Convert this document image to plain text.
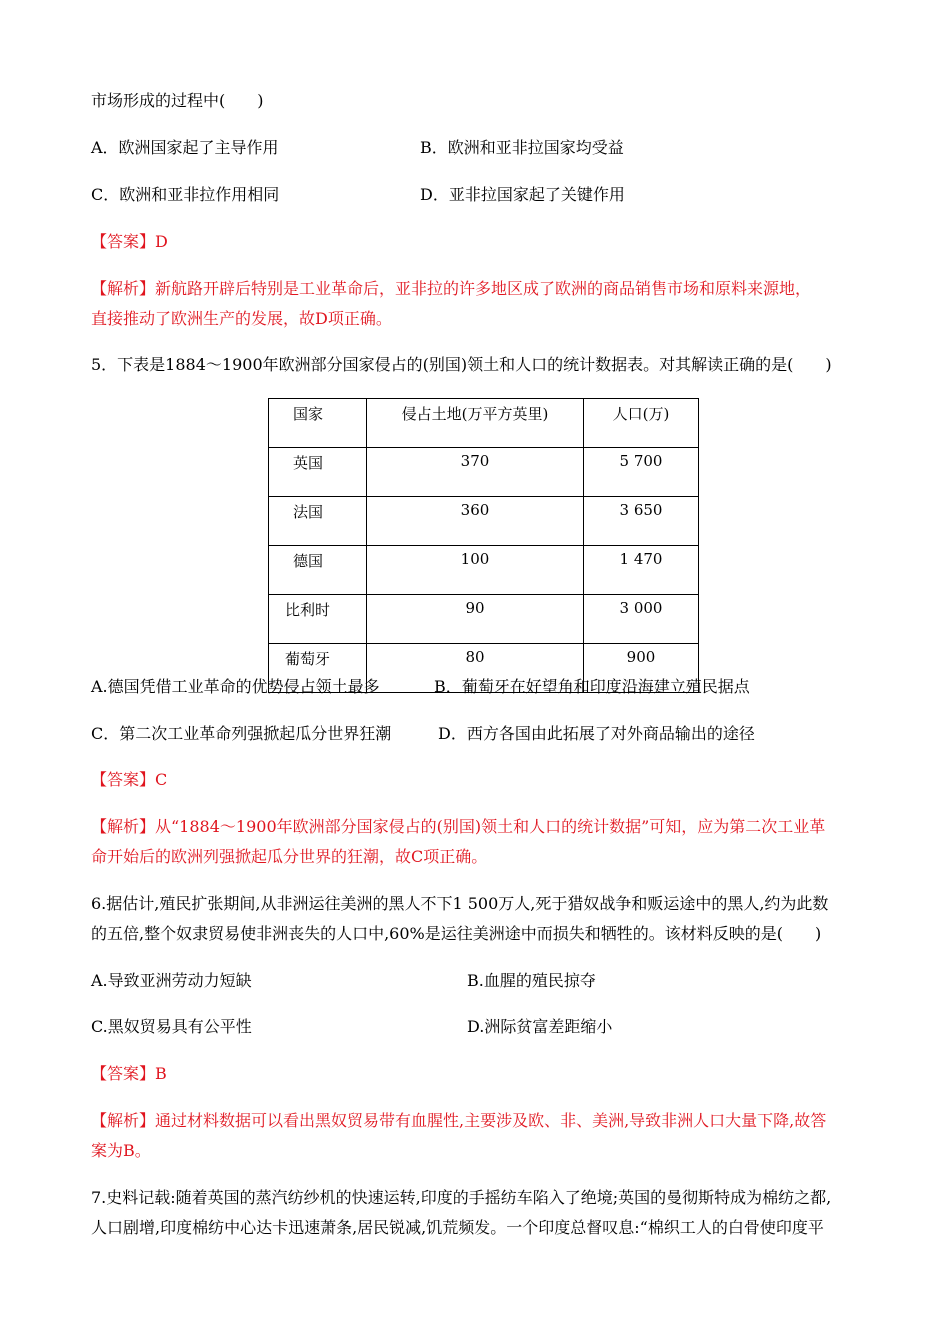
市场形成的过程中(　　)
A．欧洲国家起了主导作用	B．欧洲和亚非拉国家均受益
C．欧洲和亚非拉作用相同	D．亚非拉国家起了关键作用
【答案】D
【解析】新航路开辟后特别是工业革命后，亚非拉的许多地区成了欧洲的商品销售市场和原料来源地，
直接推动了欧洲生产的发展，故D项正确。
5．下表是1884～1900年欧洲部分国家侵占的(别国)领土和人口的统计数据表。对其解读正确的是(　　)
国家	侵占土地(万平方英里)	人口(万)
英国	370	5 700
法国	360	3 650
德国	100	1 470
比利时	90	3 000
葡萄牙	80	900
A.德国凭借工业革命的优势侵占领土最多	B．葡萄牙在好望角和印度沿海建立殖民据点
C．第二次工业革命列强掀起瓜分世界狂潮	D．西方各国由此拓展了对外商品输出的途径
【答案】C
【解析】从“1884～1900年欧洲部分国家侵占的(别国)领土和人口的统计数据”可知，应为第二次工业革
命开始后的欧洲列强掀起瓜分世界的狂潮，故C项正确。
6.据估计,殖民扩张期间,从非洲运往美洲的黑人不下1 500万人,死于猎奴战争和贩运途中的黑人,约为此数
的五倍,整个奴隶贸易使非洲丧失的人口中,60%是运往美洲途中而损失和牺牲的。该材料反映的是(　　)
A.导致亚洲劳动力短缺	B.血腥的殖民掠夺
C.黑奴贸易具有公平性	D.洲际贫富差距缩小
【答案】B
【解析】通过材料数据可以看出黑奴贸易带有血腥性,主要涉及欧、非、美洲,导致非洲人口大量下降,故答
案为B。
7.史料记载:随着英国的蒸汽纺纱机的快速运转,印度的手摇纺车陷入了绝境;英国的曼彻斯特成为棉纺之都,
人口剧增,印度棉纺中心达卡迅速萧条,居民锐减,饥荒频发。一个印度总督叹息:“棉织工人的白骨使印度平
